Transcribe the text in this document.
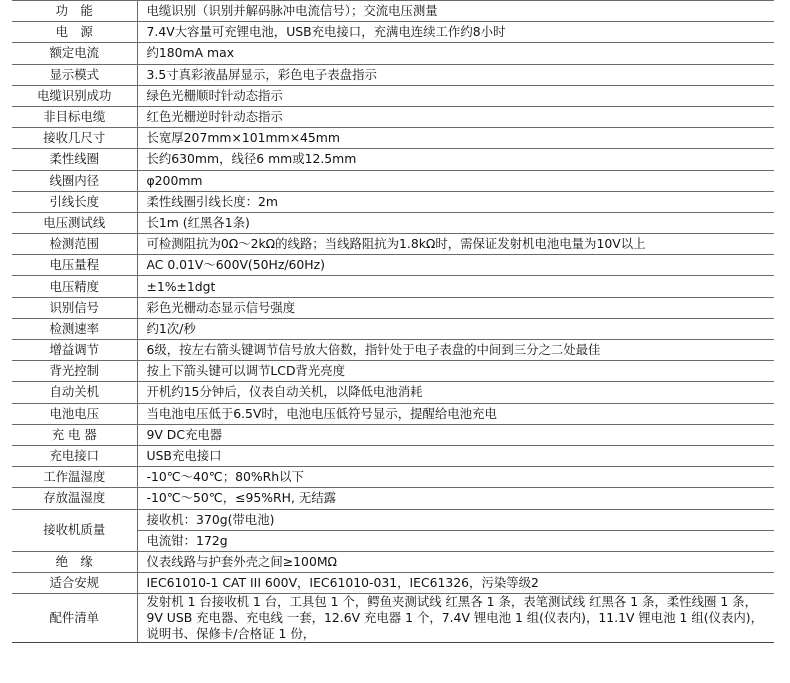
功　能	电缆识别（识别并解码脉冲电流信号）；交流电压测量
电　源	7.4V大容量可充锂电池，USB充电接口，充满电连续工作约8小时
额定电流	约180mA max
显示模式	3.5寸真彩液晶屏显示，彩色电子表盘指示
电缆识别成功	绿色光栅顺时针动态指示
非目标电缆	红色光栅逆时针动态指示
接收几尺寸	长宽厚207mm×101mm×45mm
柔性线圈	长约630mm，线径6 mm或12.5mm
线圈内径	φ200mm
引线长度	柔性线圈引线长度：2m
电压测试线	长1m (红黑各1条)
检测范围	可检测阻抗为0Ω～2kΩ的线路；当线路阻抗为1.8kΩ时，需保证发射机电池电量为10V以上
电压量程	AC 0.01V～600V(50Hz/60Hz)
电压精度	±1%±1dgt
识别信号	彩色光栅动态显示信号强度
检测速率	约1次/秒
增益调节	6级，按左右箭头键调节信号放大倍数，指针处于电子表盘的中间到三分之二处最佳
背光控制	按上下箭头键可以调节LCD背光亮度
自动关机	开机约15分钟后，仪表自动关机，以降低电池消耗
电池电压	当电池电压低于6.5V时，电池电压低符号显示，提醒给电池充电
充 电 器	9V DC充电器
充电接口	USB充电接口
工作温湿度	-10℃～40℃；80%Rh以下
存放温湿度	-10℃～50℃，≤95%RH, 无结露
接收机质量	接收机：370g(带电池)
	电流钳：172g
绝　缘	仪表线路与护套外壳之间≥100MΩ
适合安规	IEC61010-1 CAT III 600V，IEC61010-031，IEC61326，污染等级2
配件清单	发射机 1 台接收机 1 台，工具包 1 个，鳄鱼夹测试线 红黑各 1 条，表笔测试线 红黑各 1 条，柔性线圈 1 条，
9V USB 充电器、充电线 一套，12.6V 充电器 1 个，7.4V 锂电池 1 组(仪表内)，11.1V 锂电池 1 组(仪表内)，
说明书、保修卡/合格证 1 份，
